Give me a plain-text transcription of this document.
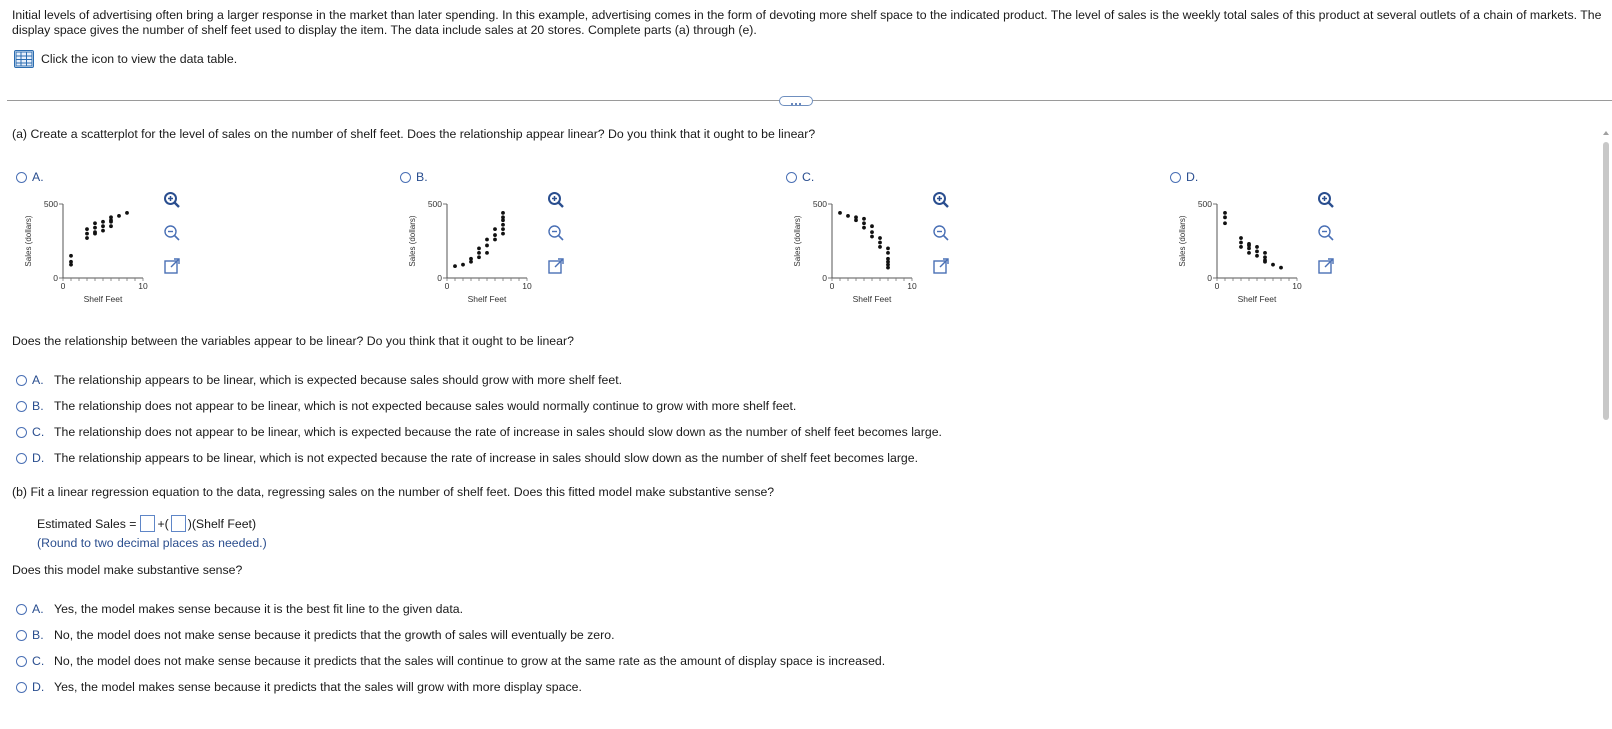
Initial levels of advertising often bring a larger response in the market than later spending. In this example, advertising comes in the form of devoting more shelf space to the indicated product. The level of sales is the weekly total sales of this product at several outlets of a chain of markets. The display space gives the number of shelf feet used to display the item. The data include sales at 20 stores. Complete parts (a) through (e).
Click the icon to view the data table.
(a) Create a scatterplot for the level of sales on the number of shelf feet. Does the relationship appear linear? Do you think that it ought to be linear?
A.	B.	C.	D.
500
0
0	10
Shelf Feet
Sales (dollars)
500
0
0	10
Shelf Feet
Sales (dollars)
500
0
0	10
Shelf Feet
Sales (dollars)
500
0
0	10
Shelf Feet
Sales (dollars)
Does the relationship between the variables appear to be linear? Do you think that it ought to be linear?
A. The relationship appears to be linear, which is expected because sales should grow with more shelf feet.
B. The relationship does not appear to be linear, which is not expected because sales would normally continue to grow with more shelf feet.
C. The relationship does not appear to be linear, which is expected because the rate of increase in sales should slow down as the number of shelf feet becomes large.
D. The relationship appears to be linear, which is not expected because the rate of increase in sales should slow down as the number of shelf feet becomes large.
(b) Fit a linear regression equation to the data, regressing sales on the number of shelf feet. Does this fitted model make substantive sense?
Estimated Sales = +( )(Shelf Feet)
(Round to two decimal places as needed.)
Does this model make substantive sense?
A. Yes, the model makes sense because it is the best fit line to the given data.
B. No, the model does not make sense because it predicts that the growth of sales will eventually be zero.
C. No, the model does not make sense because it predicts that the sales will continue to grow at the same rate as the amount of display space is increased.
D. Yes, the model makes sense because it predicts that the sales will grow with more display space.
